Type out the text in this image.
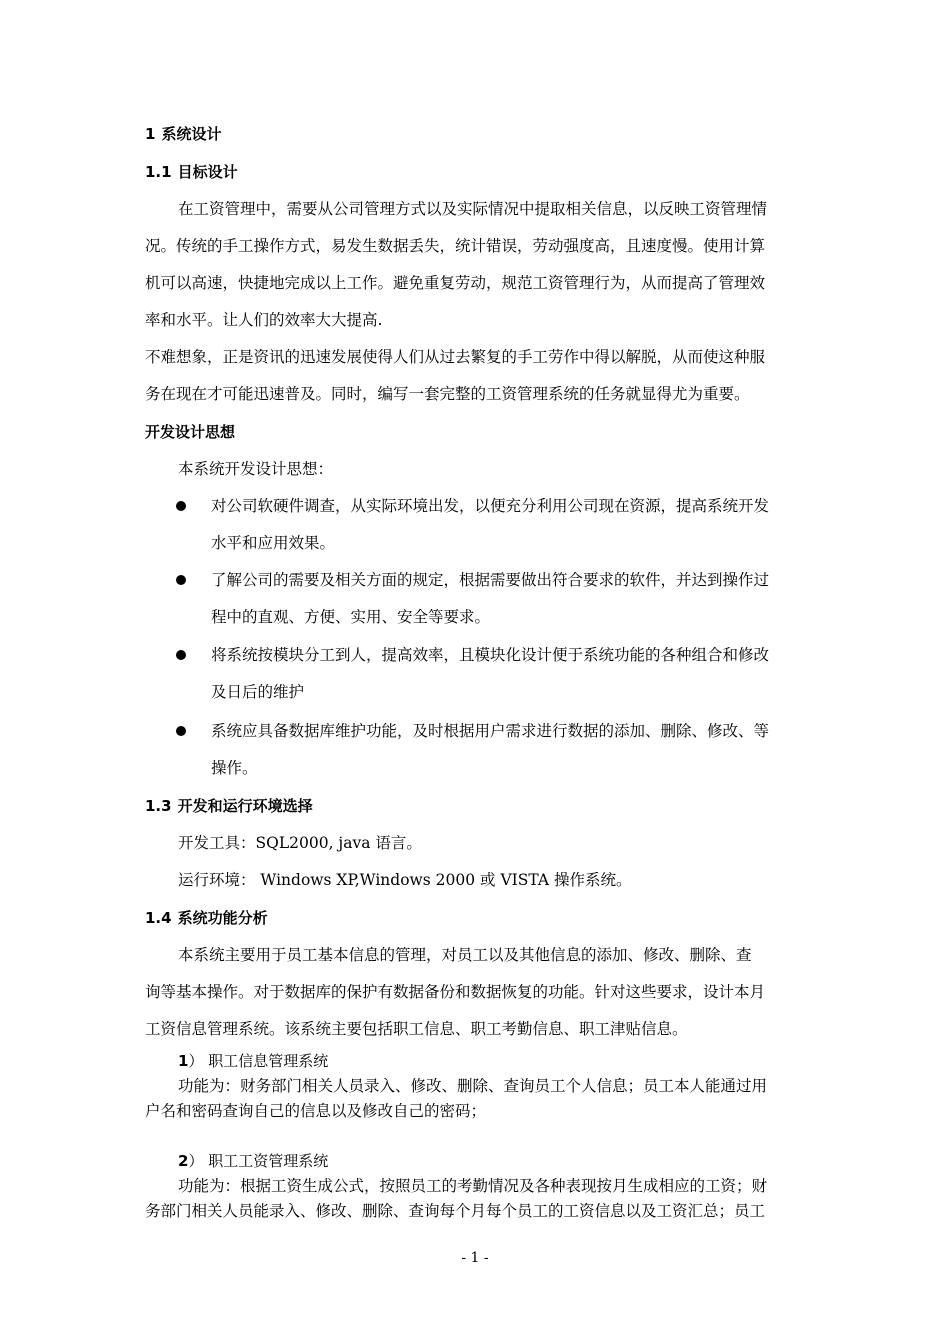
1 系统设计
1.1 目标设计
在工资管理中，需要从公司管理方式以及实际情况中提取相关信息，以反映工资管理情
况。传统的手工操作方式，易发生数据丢失，统计错误，劳动强度高，且速度慢。使用计算
机可以高速，快捷地完成以上工作。避免重复劳动，规范工资管理行为，从而提高了管理效
率和水平。让人们的效率大大提高.
不难想象，正是资讯的迅速发展使得人们从过去繁复的手工劳作中得以解脱，从而使这种服
务在现在才可能迅速普及。同时，编写一套完整的工资管理系统的任务就显得尤为重要。
开发设计思想
本系统开发设计思想：
对公司软硬件调查，从实际环境出发，以便充分利用公司现在资源，提高系统开发
水平和应用效果。
了解公司的需要及相关方面的规定，根据需要做出符合要求的软件，并达到操作过
程中的直观、方便、实用、安全等要求。
将系统按模块分工到人，提高效率，且模块化设计便于系统功能的各种组合和修改
及日后的维护
系统应具备数据库维护功能，及时根据用户需求进行数据的添加、删除、修改、等
操作。
1.3 开发和运行环境选择
开发工具：SQL2000, java 语言。
运行环境： Windows XP,Windows 2000 或 VISTA 操作系统。
1.4 系统功能分析
本系统主要用于员工基本信息的管理，对员工以及其他信息的添加、修改、删除、查
询等基本操作。对于数据库的保护有数据备份和数据恢复的功能。针对这些要求，设计本月
工资信息管理系统。该系统主要包括职工信息、职工考勤信息、职工津贴信息。
1） 职工信息管理系统
功能为：财务部门相关人员录入、修改、删除、查询员工个人信息；员工本人能通过用
户名和密码查询自己的信息以及修改自己的密码；
2） 职工工资管理系统
功能为：根据工资生成公式，按照员工的考勤情况及各种表现按月生成相应的工资；财
务部门相关人员能录入、修改、删除、查询每个月每个员工的工资信息以及工资汇总；员工
- 1 -
